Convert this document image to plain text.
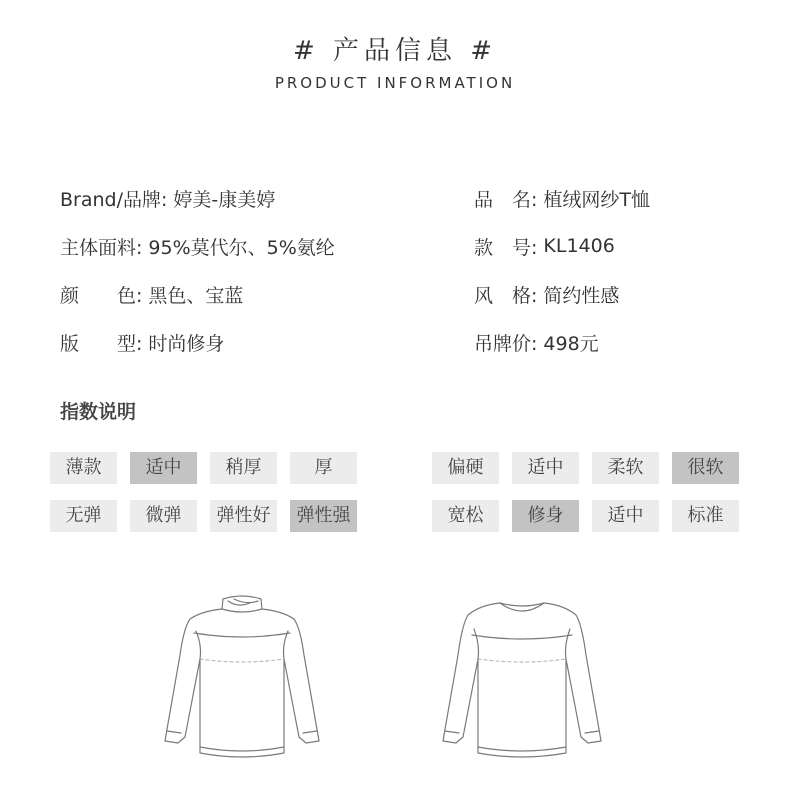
# 产品信息 #
PRODUCT INFORMATION
Brand/品牌: 婷美-康美婷
主体面料: 95%莫代尔、5%氨纶
颜　　色: 黑色、宝蓝
版　　型: 时尚修身
品　名: 植绒网纱T恤
款　号: KL1406
风　格: 简约性感
吊牌价: 498元
指数说明
薄款	适中	稍厚	厚
无弹	微弹	弹性好	弹性强
偏硬	适中	柔软	很软
宽松	修身	适中	标准
